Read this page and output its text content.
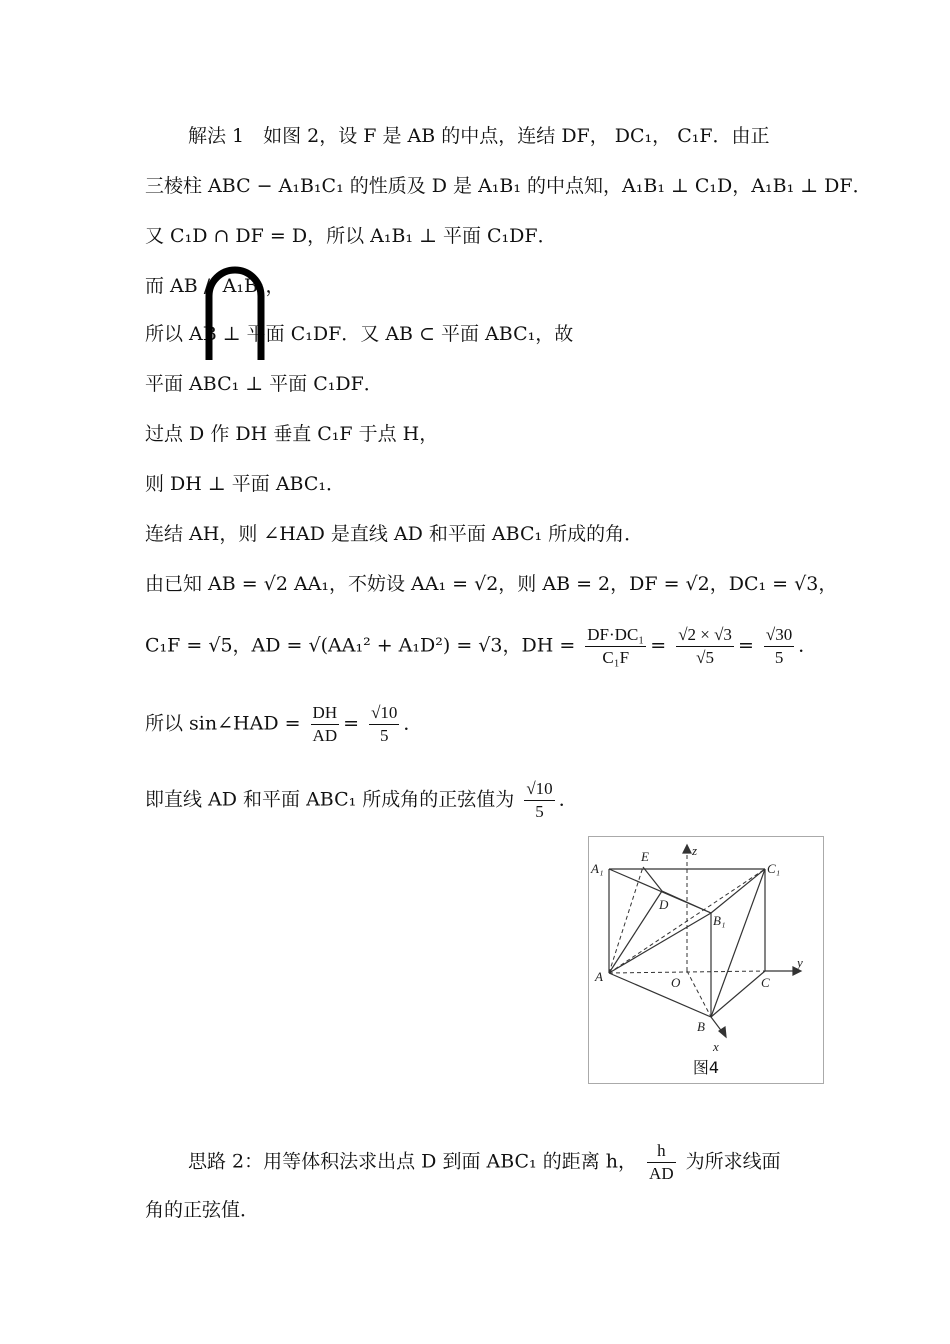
解法 1　如图 2，设 F 是 AB 的中点，连结 DF， DC₁， C₁F．由正
三棱柱 ABC − A₁B₁C₁ 的性质及 D 是 A₁B₁ 的中点知，A₁B₁ ⊥ C₁D，A₁B₁ ⊥ DF．
又 C₁D ∩ DF = D，所以 A₁B₁ ⊥ 平面 C₁DF．
而 AB // A₁B₁，
所以 AB ⊥ 平面 C₁DF．又 AB ⊂ 平面 ABC₁，故
平面 ABC₁ ⊥ 平面 C₁DF．
过点 D 作 DH 垂直 C₁F 于点 H，
则 DH ⊥ 平面 ABC₁．
连结 AH，则 ∠HAD 是直线 AD 和平面 ABC₁ 所成的角．
由已知 AB = √2 AA₁，不妨设 AA₁ = √2，则 AB = 2，DF = √2，DC₁ = √3，
C₁F = √5，AD = √(AA₁² + A₁D²) = √3，DH = $\frac{\text{DF·DC₁}}{\text{C₁F}} = \frac{√2 \times √3}{√5} = \frac{√30}{5}$ ．
所以 sin∠HAD = $\frac{DH}{AD} = \frac{√10}{5}$ ．
即直线 AD 和平面 ABC₁ 所成角的正弦值为 $\frac{√10}{5}$ ．
思路 2：用等体积法求出点 D 到面 ABC₁ 的距离 h， $\frac{h}{AD}$ 为所求线面
角的正弦值．
A₁
E	z
C₁
D
B₁
A	O	C
y
B
x
图4
